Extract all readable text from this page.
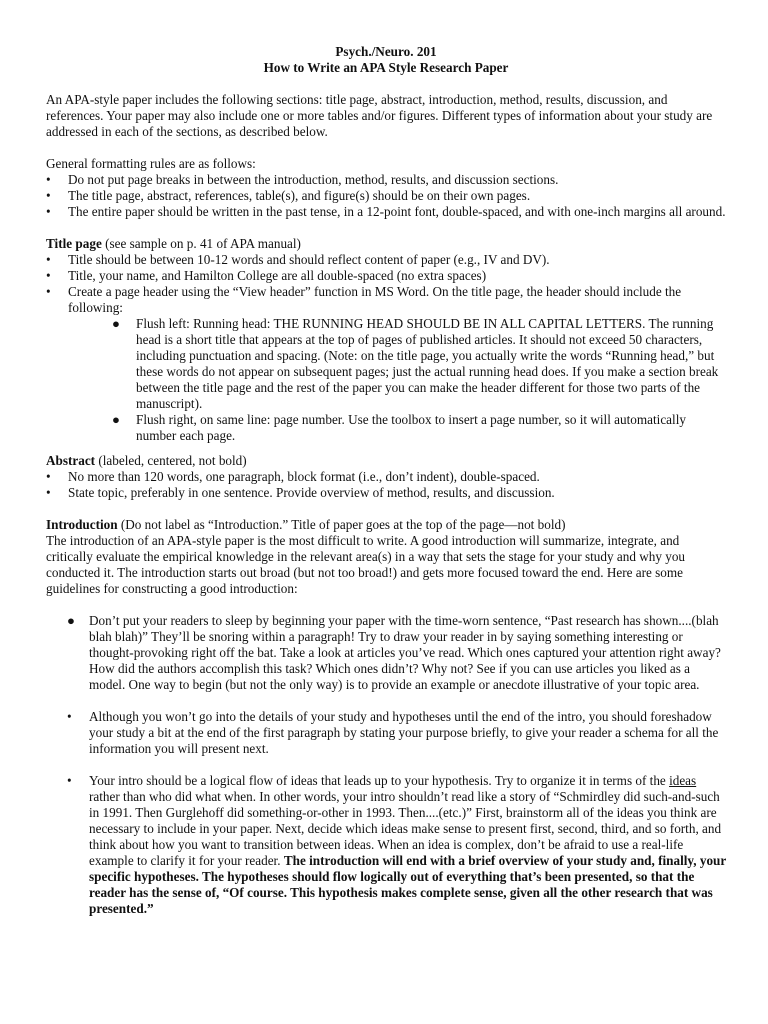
Psych./Neuro. 201

How to Write an APA Style Research Paper

An APA-style paper includes the following sections: title page, abstract, introduction, method, results, discussion, and references. Your paper may also include one or more tables and/or figures. Different types of information about your study are addressed in each of the sections, as described below.

General formatting rules are as follows:

• Do not put page breaks in between the introduction, method, results, and discussion sections.
• The title page, abstract, references, table(s), and figure(s) should be on their own pages.
• The entire paper should be written in the past tense, in a 12-point font, double-spaced, and with one-inch margins all around.

Title page (see sample on p. 41 of APA manual)

• Title should be between 10-12 words and should reflect content of paper (e.g., IV and DV).
• Title, your name, and Hamilton College are all double-spaced (no extra spaces)
• Create a page header using the “View header” function in MS Word. On the title page, the header should include the following:
● Flush left: Running head: THE RUNNING HEAD SHOULD BE IN ALL CAPITAL LETTERS. The running head is a short title that appears at the top of pages of published articles. It should not exceed 50 characters, including punctuation and spacing. (Note: on the title page, you actually write the words “Running head,” but these words do not appear on subsequent pages; just the actual running head does. If you make a section break between the title page and the rest of the paper you can make the header different for those two parts of the manuscript).
● Flush right, on same line: page number. Use the toolbox to insert a page number, so it will automatically number each page.

Abstract (labeled, centered, not bold)

• No more than 120 words, one paragraph, block format (i.e., don’t indent), double-spaced.
• State topic, preferably in one sentence. Provide overview of method, results, and discussion.

Introduction (Do not label as “Introduction.” Title of paper goes at the top of the page—not bold)

The introduction of an APA-style paper is the most difficult to write. A good introduction will summarize, integrate, and critically evaluate the empirical knowledge in the relevant area(s) in a way that sets the stage for your study and why you conducted it. The introduction starts out broad (but not too broad!) and gets more focused toward the end. Here are some guidelines for constructing a good introduction:

● Don’t put your readers to sleep by beginning your paper with the time-worn sentence, “Past research has shown....(blah blah blah)” They’ll be snoring within a paragraph! Try to draw your reader in by saying something interesting or thought-provoking right off the bat. Take a look at articles you’ve read. Which ones captured your attention right away? How did the authors accomplish this task? Which ones didn’t? Why not? See if you can use articles you liked as a model. One way to begin (but not the only way) is to provide an example or anecdote illustrative of your topic area.
• Although you won’t go into the details of your study and hypotheses until the end of the intro, you should foreshadow your study a bit at the end of the first paragraph by stating your purpose briefly, to give your reader a schema for all the information you will present next.
• Your intro should be a logical flow of ideas that leads up to your hypothesis. Try to organize it in terms of the ideas rather than who did what when. In other words, your intro shouldn’t read like a story of “Schmirdley did such-and-such in 1991. Then Gurglehoff did something-or-other in 1993. Then....(etc.)” First, brainstorm all of the ideas you think are necessary to include in your paper. Next, decide which ideas make sense to present first, second, third, and so forth, and think about how you want to transition between ideas. When an idea is complex, don’t be afraid to use a real-life example to clarify it for your reader. The introduction will end with a brief overview of your study and, finally, your specific hypotheses. The hypotheses should flow logically out of everything that’s been presented, so that the reader has the sense of, “Of course. This hypothesis makes complete sense, given all the other research that was presented.”
